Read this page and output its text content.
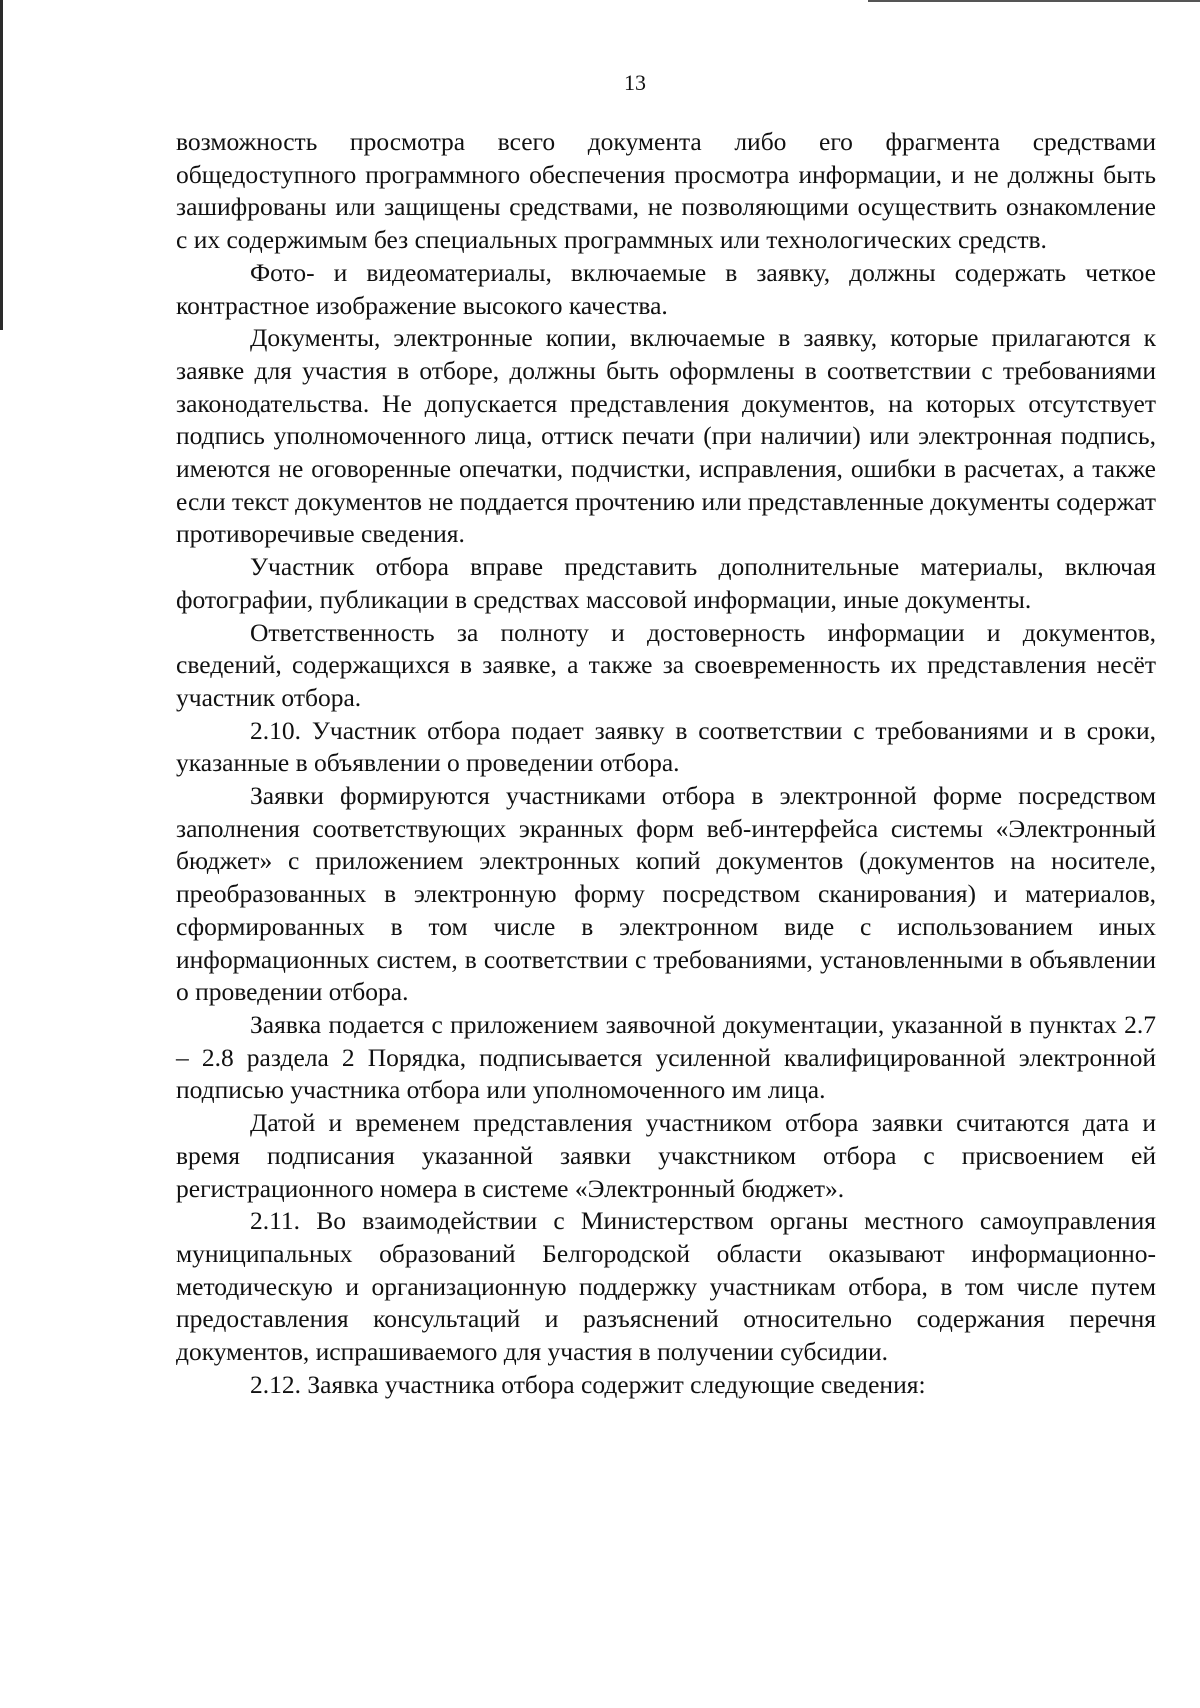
13

возможность просмотра всего документа либо его фрагмента средствами общедоступного программного обеспечения просмотра информации, и не должны быть зашифрованы или защищены средствами, не позволяющими осуществить ознакомление с их содержимым без специальных программных или технологических средств.

Фото- и видеоматериалы, включаемые в заявку, должны содержать четкое контрастное изображение высокого качества.

Документы, электронные копии, включаемые в заявку, которые прилагаются к заявке для участия в отборе, должны быть оформлены в соответствии с требованиями законодательства. Не допускается представления документов, на которых отсутствует подпись уполномоченного лица, оттиск печати (при наличии) или электронная подпись, имеются не оговоренные опечатки, подчистки, исправления, ошибки в расчетах, а также если текст документов не поддается прочтению или представленные документы содержат противоречивые сведения.

Участник отбора вправе представить дополнительные материалы, включая фотографии, публикации в средствах массовой информации, иные документы.

Ответственность за полноту и достоверность информации и документов, сведений, содержащихся в заявке, а также за своевременность их представления несёт участник отбора.

2.10. Участник отбора подает заявку в соответствии с требованиями и в сроки, указанные в объявлении о проведении отбора.

Заявки формируются участниками отбора в электронной форме посредством заполнения соответствующих экранных форм веб-интерфейса системы «Электронный бюджет» с приложением электронных копий документов (документов на носителе, преобразованных в электронную форму посредством сканирования) и материалов, сформированных в том числе в электронном виде с использованием иных информационных систем, в соответствии с требованиями, установленными в объявлении о проведении отбора.

Заявка подается с приложением заявочной документации, указанной в пунктах 2.7 – 2.8 раздела 2 Порядка, подписывается усиленной квалифицированной электронной подписью участника отбора или уполномоченного им лица.

Датой и временем представления участником отбора заявки считаются дата и время подписания указанной заявки учакстником отбора с присвоением ей регистрационного номера в системе «Электронный бюджет».

2.11. Во взаимодействии с Министерством органы местного самоуправления муниципальных образований Белгородской области оказывают информационно-методическую и организационную поддержку участникам отбора, в том числе путем предоставления консультаций и разъяснений относительно содержания перечня документов, испрашиваемого для участия в получении субсидии.

2.12. Заявка участника отбора содержит следующие сведения:
